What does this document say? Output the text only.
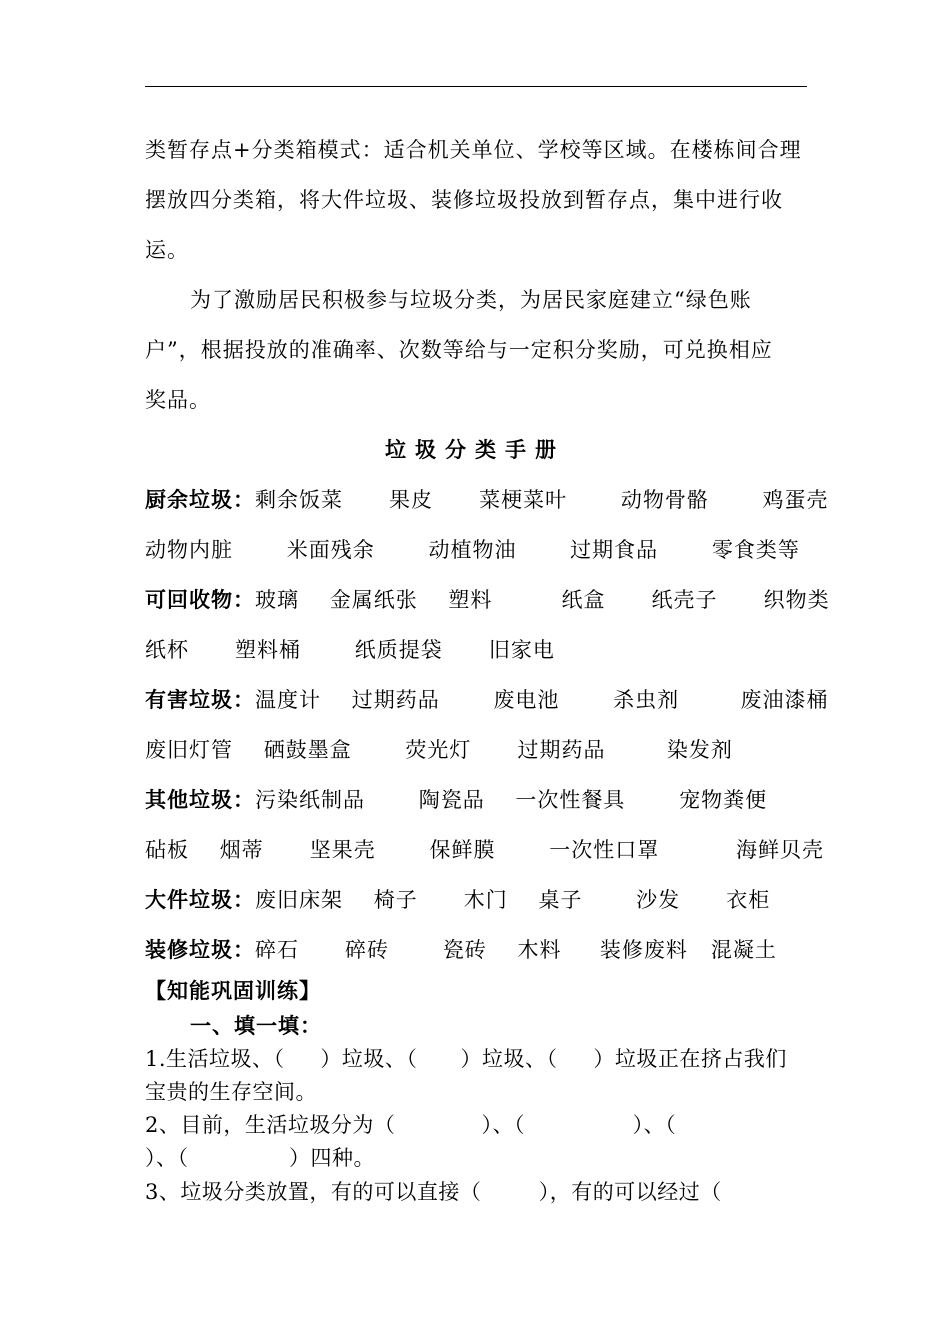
类暂存点+分类箱模式：适合机关单位、学校等区域。在楼栋间合理
摆放四分类箱，将大件垃圾、装修垃圾投放到暂存点，集中进行收
运。
为了激励居民积极参与垃圾分类，为居民家庭建立“绿色账
户”，根据投放的准确率、次数等给与一定积分奖励，可兑换相应
奖品。
垃圾分类手册
厨余垃圾：剩余饭菜      果皮      菜梗菜叶       动物骨骼       鸡蛋壳
动物内脏       米面残余       动植物油       过期食品       零食类等
可回收物：玻璃    金属纸张    塑料         纸盒      纸壳子      织物类
纸杯      塑料桶       纸质提袋      旧家电
有害垃圾：温度计    过期药品       废电池       杀虫剂        废油漆桶
废旧灯管    硒鼓墨盒       荧光灯      过期药品        染发剂
其他垃圾：污染纸制品       陶瓷品    一次性餐具       宠物粪便
砧板    烟蒂      坚果壳       保鲜膜       一次性口罩          海鲜贝壳
大件垃圾：废旧床架    椅子      木门    桌子       沙发      衣柜
装修垃圾：碎石      碎砖       瓷砖    木料     装修废料   混凝土
【知能巩固训练】
一、填一填：
1.生活垃圾、（     ）垃圾、（      ）垃圾、（     ）垃圾正在挤占我们
宝贵的生存空间。
2、目前，生活垃圾分为（            ）、（               ）、（
）、（              ）四种。
3、垃圾分类放置，有的可以直接（        ），有的可以经过（
